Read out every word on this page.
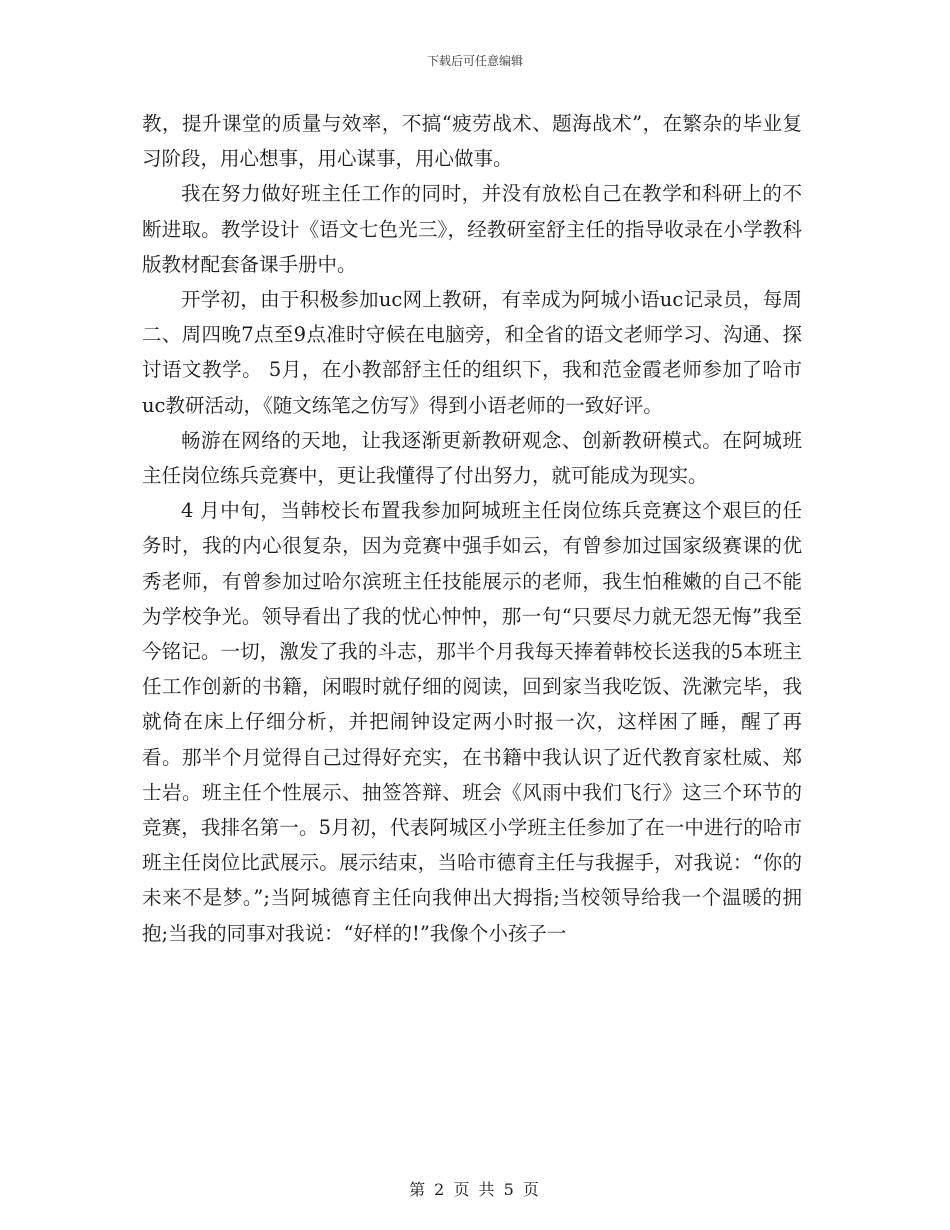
下载后可任意编辑

教，提升课堂的质量与效率，不搞“疲劳战术、题海战术”，在繁杂的毕业复习阶段，用心想事，用心谋事，用心做事。

我在努力做好班主任工作的同时，并没有放松自己在教学和科研上的不断进取。教学设计《语文七色光三》，经教研室舒主任的指导收录在小学教科版教材配套备课手册中。

开学初，由于积极参加uc网上教研，有幸成为阿城小语uc记录员，每周二、周四晚7点至9点准时守候在电脑旁，和全省的语文老师学习、沟通、探讨语文教学。 5月，在小教部舒主任的组织下，我和范金霞老师参加了哈市uc教研活动，《随文练笔之仿写》得到小语老师的一致好评。

畅游在网络的天地，让我逐渐更新教研观念、创新教研模式。在阿城班主任岗位练兵竞赛中，更让我懂得了付出努力，就可能成为现实。

4 月中旬，当韩校长布置我参加阿城班主任岗位练兵竞赛这个艰巨的任务时，我的内心很复杂，因为竞赛中强手如云，有曾参加过国家级赛课的优秀老师，有曾参加过哈尔滨班主任技能展示的老师，我生怕稚嫩的自己不能为学校争光。领导看出了我的忧心忡忡，那一句“只要尽力就无怨无悔”我至今铭记。一切，激发了我的斗志，那半个月我每天捧着韩校长送我的5本班主任工作创新的书籍，闲暇时就仔细的阅读，回到家当我吃饭、洗漱完毕，我就倚在床上仔细分析，并把闹钟设定两小时报一次，这样困了睡，醒了再看。那半个月觉得自己过得好充实，在书籍中我认识了近代教育家杜威、郑士岩。班主任个性展示、抽签答辩、班会《风雨中我们飞行》这三个环节的竞赛，我排名第一。5月初，代表阿城区小学班主任参加了在一中进行的哈市班主任岗位比武展示。展示结束，当哈市德育主任与我握手，对我说：“你的未来不是梦。”;当阿城德育主任向我伸出大拇指;当校领导给我一个温暖的拥抱;当我的同事对我说：“好样的!”我像个小孩子一

第 2 页 共 5 页
